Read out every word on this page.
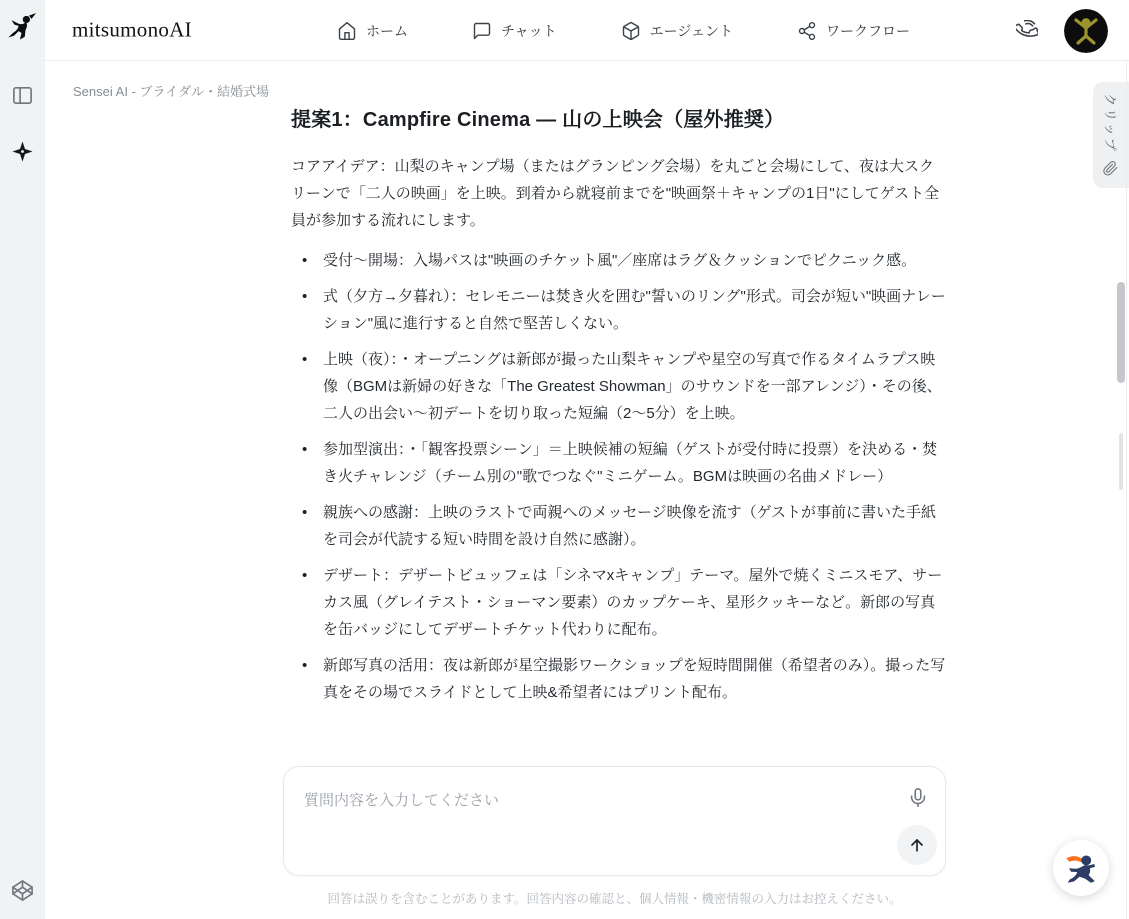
mitsumonoAI	ホーム	チャット	エージェント	ワークフロー
Sensei AI - ブライダル・結婚式場
提案1：Campfire Cinema — 山の上映会（屋外推奨）

コアアイデア：山梨のキャンプ場（またはグランピング会場）を丸ごと会場にして、夜は大スクリーンで「二人の映画」を上映。到着から就寝前までを"映画祭＋キャンプの1日"にしてゲスト全員が参加する流れにします。

• 受付〜開場：入場パスは"映画のチケット風"／座席はラグ＆クッションでピクニック感。
• 式（夕方→夕暮れ）：セレモニーは焚き火を囲む"誓いのリング"形式。司会が短い"映画ナレーション"風に進行すると自然で堅苦しくない。
• 上映（夜）：・オープニングは新郎が撮った山梨キャンプや星空の写真で作るタイムラプス映像（BGMは新婦の好きな「The Greatest Showman」のサウンドを一部アレンジ）・その後、二人の出会い〜初デートを切り取った短編（2〜5分）を上映。
• 参加型演出：・「観客投票シーン」＝上映候補の短編（ゲストが受付時に投票）を決める・焚き火チャレンジ（チーム別の"歌でつなぐ"ミニゲーム。BGMは映画の名曲メドレー）
• 親族への感謝：上映のラストで両親へのメッセージ映像を流す（ゲストが事前に書いた手紙を司会が代読する短い時間を設け自然に感謝）。
• デザート：デザートビュッフェは「シネマxキャンプ」テーマ。屋外で焼くミニスモア、サーカス風（グレイテスト・ショーマン要素）のカップケーキ、星形クッキーなど。新郎の写真を缶バッジにしてデザートチケット代わりに配布。
• 新郎写真の活用：夜は新郎が星空撮影ワークショップを短時間開催（希望者のみ）。撮った写真をその場でスライドとして上映&希望者にはプリント配布。
質問内容を入力してください
回答は誤りを含むことがあります。回答内容の確認と、個人情報・機密情報の入力はお控えください。
クリップ
